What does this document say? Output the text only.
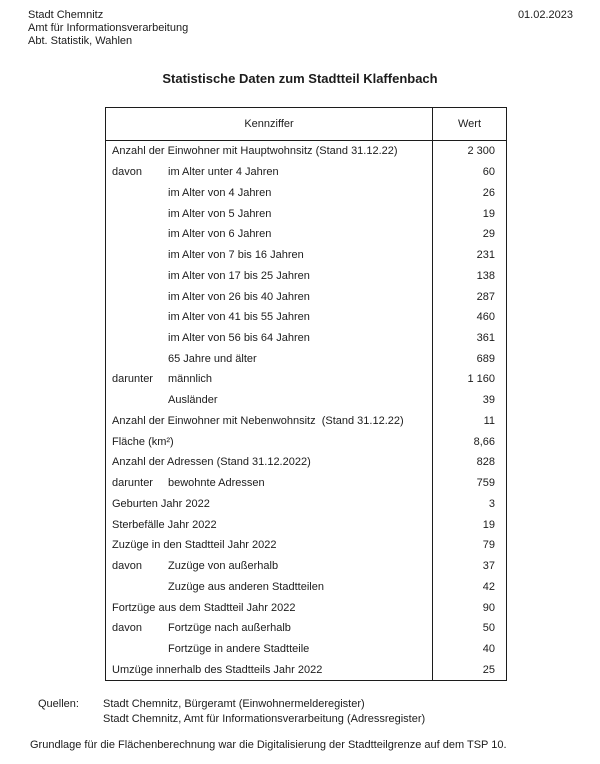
Stadt Chemnitz
Amt für Informationsverarbeitung
Abt. Statistik, Wahlen
01.02.2023
Statistische Daten zum Stadtteil Klaffenbach
Kennziffer	Wert
Anzahl der Einwohner mit Hauptwohnsitz (Stand 31.12.22)	2 300
davon im Alter unter 4 Jahren	60
im Alter von 4 Jahren	26
im Alter von 5 Jahren	19
im Alter von 6 Jahren	29
im Alter von 7 bis 16 Jahren	231
im Alter von 17 bis 25 Jahren	138
im Alter von 26 bis 40 Jahren	287
im Alter von 41 bis 55 Jahren	460
im Alter von 56 bis 64 Jahren	361
65 Jahre und älter	689
darunter männlich	1 160
Ausländer	39
Anzahl der Einwohner mit Nebenwohnsitz  (Stand 31.12.22)	11
Fläche (km²)	8,66
Anzahl der Adressen (Stand 31.12.2022)	828
darunter bewohnte Adressen	759
Geburten Jahr 2022	3
Sterbefälle Jahr 2022	19
Zuzüge in den Stadtteil Jahr 2022	79
davon Zuzüge von außerhalb	37
Zuzüge aus anderen Stadtteilen	42
Fortzüge aus dem Stadtteil Jahr 2022	90
davon Fortzüge nach außerhalb	50
Fortzüge in andere Stadtteile	40
Umzüge innerhalb des Stadtteils Jahr 2022	25
Quellen:	Stadt Chemnitz, Bürgeramt (Einwohnermelderegister)
Stadt Chemnitz, Amt für Informationsverarbeitung (Adressregister)
Grundlage für die Flächenberechnung war die Digitalisierung der Stadtteilgrenze auf dem TSP 10.
